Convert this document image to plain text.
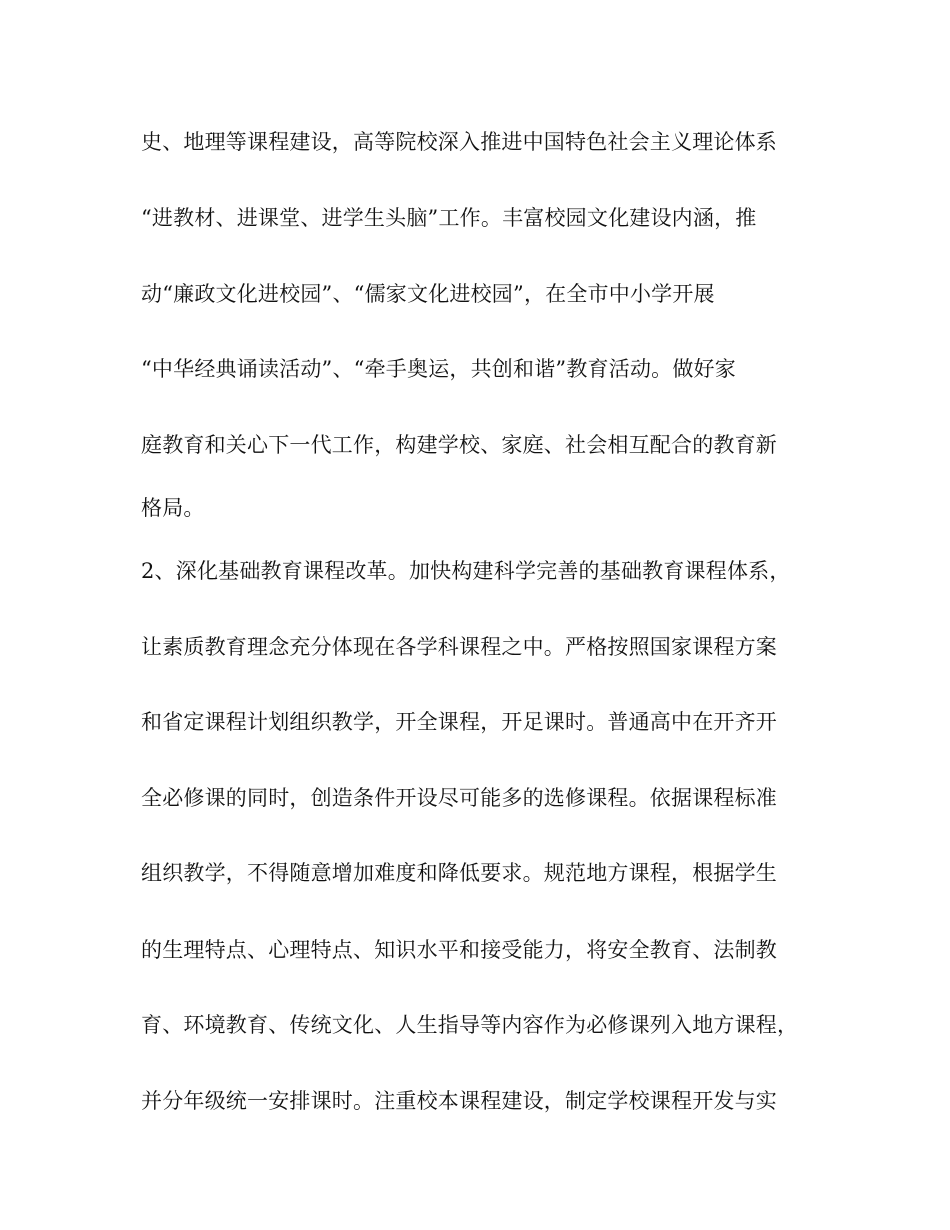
史、地理等课程建设，高等院校深入推进中国特色社会主义理论体系
“进教材、进课堂、进学生头脑”工作。丰富校园文化建设内涵，推
动“廉政文化进校园”、“儒家文化进校园”，在全市中小学开展
“中华经典诵读活动”、“牵手奥运，共创和谐”教育活动。做好家
庭教育和关心下一代工作，构建学校、家庭、社会相互配合的教育新
格局。
2、深化基础教育课程改革。加快构建科学完善的基础教育课程体系，
让素质教育理念充分体现在各学科课程之中。严格按照国家课程方案
和省定课程计划组织教学，开全课程，开足课时。普通高中在开齐开
全必修课的同时，创造条件开设尽可能多的选修课程。依据课程标准
组织教学，不得随意增加难度和降低要求。规范地方课程，根据学生
的生理特点、心理特点、知识水平和接受能力，将安全教育、法制教
育、环境教育、传统文化、人生指导等内容作为必修课列入地方课程，
并分年级统一安排课时。注重校本课程建设，制定学校课程开发与实
